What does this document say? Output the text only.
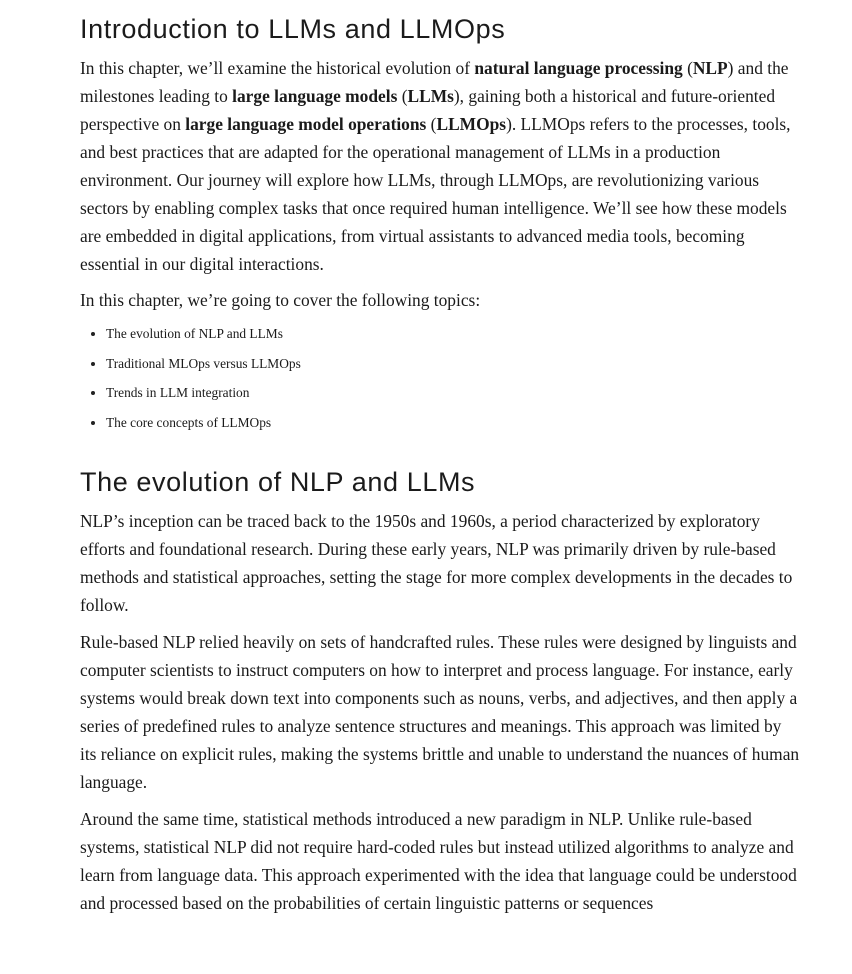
Introduction to LLMs and LLMOps

In this chapter, we’ll examine the historical evolution of natural language processing (NLP) and the milestones leading to large language models (LLMs), gaining both a historical and future-oriented perspective on large language model operations (LLMOps). LLMOps refers to the processes, tools, and best practices that are adapted for the operational management of LLMs in a production environment. Our journey will explore how LLMs, through LLMOps, are revolutionizing various sectors by enabling complex tasks that once required human intelligence. We’ll see how these models are embedded in digital applications, from virtual assistants to advanced media tools, becoming essential in our digital interactions.

In this chapter, we’re going to cover the following topics:

The evolution of NLP and LLMs
Traditional MLOps versus LLMOps
Trends in LLM integration
The core concepts of LLMOps
The evolution of NLP and LLMs

NLP’s inception can be traced back to the 1950s and 1960s, a period characterized by exploratory efforts and foundational research. During these early years, NLP was primarily driven by rule-based methods and statistical approaches, setting the stage for more complex developments in the decades to follow.

Rule-based NLP relied heavily on sets of handcrafted rules. These rules were designed by linguists and computer scientists to instruct computers on how to interpret and process language. For instance, early systems would break down text into components such as nouns, verbs, and adjectives, and then apply a series of predefined rules to analyze sentence structures and meanings. This approach was limited by its reliance on explicit rules, making the systems brittle and unable to understand the nuances of human language.

Around the same time, statistical methods introduced a new paradigm in NLP. Unlike rule-based systems, statistical NLP did not require hard-coded rules but instead utilized algorithms to analyze and learn from language data. This approach experimented with the idea that language could be understood and processed based on the probabilities of certain linguistic patterns or sequences
